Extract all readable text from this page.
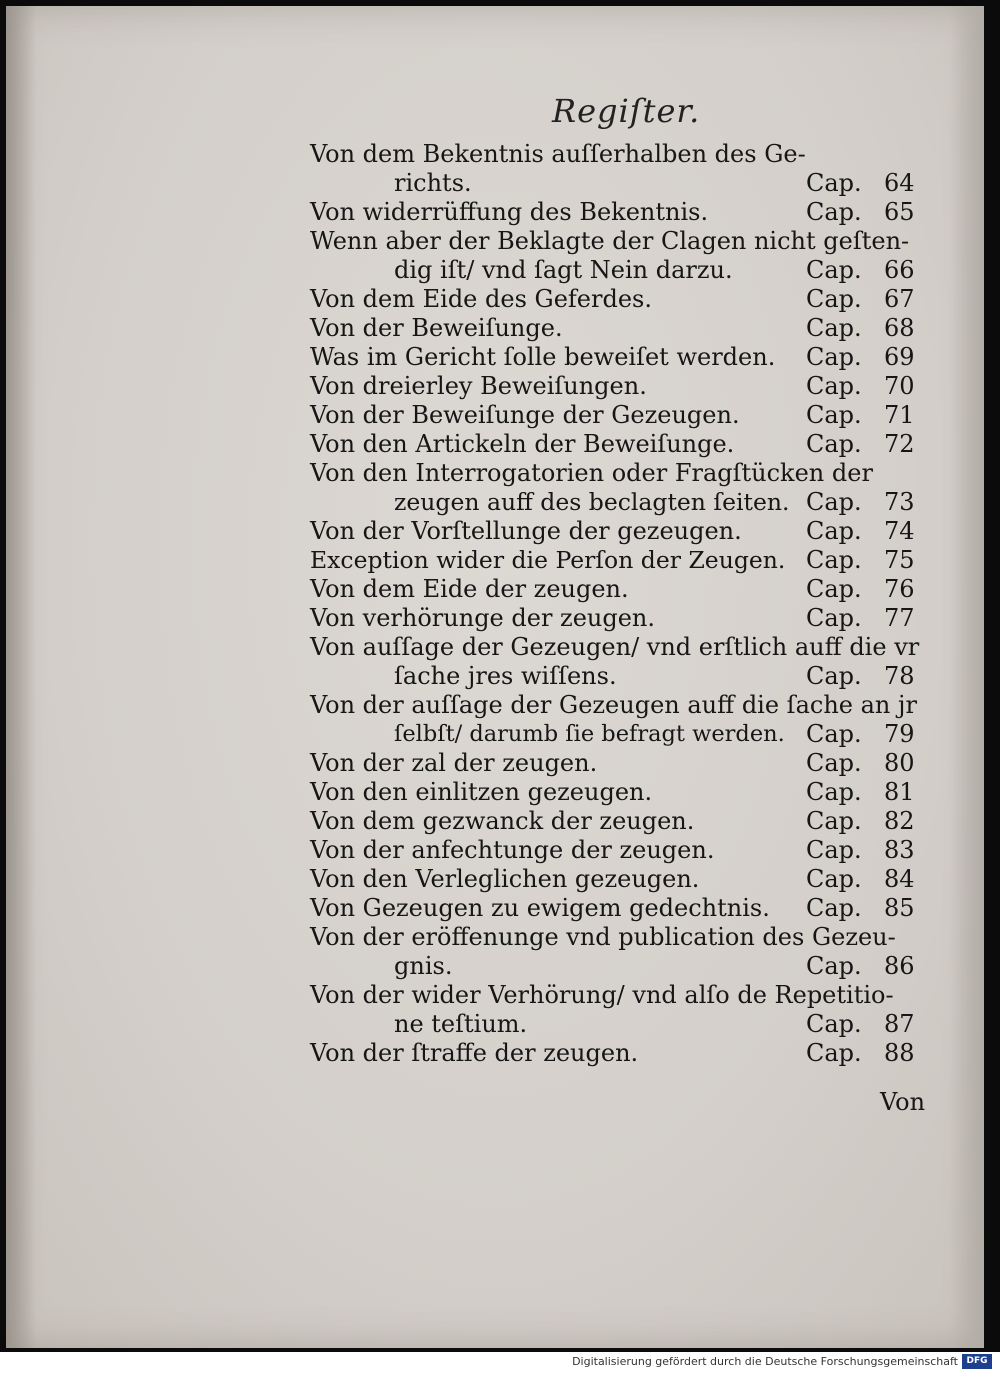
Regiſter.
Von dem Bekentnis auſſerhalben des Ge-
richts.	Cap. 64
Von widerrüffung des Bekentnis.	Cap. 65
Wenn aber der Beklagte der Clagen nicht geſten-
dig iſt/ vnd ſagt Nein darzu.	Cap. 66
Von dem Eide des Geferdes.	Cap. 67
Von der Beweiſunge.	Cap. 68
Was im Gericht ſolle beweiſet werden. Cap. 69
Von dreierley Beweiſungen.	Cap. 70
Von der Beweiſunge der Gezeugen.	Cap. 71
Von den Artickeln der Beweiſunge.	Cap. 72
Von den Interrogatorien oder Fragſtücken der
zeugen auff des beclagten ſeiten. Cap. 73
Von der Vorſtellunge der gezeugen.	Cap. 74
Exception wider die Perſon der Zeugen. Cap. 75
Von dem Eide der zeugen.	Cap. 76
Von verhörunge der zeugen.	Cap. 77
Von auſſage der Gezeugen/ vnd erſtlich auff die vr
ſache jres wiſſens.	Cap. 78
Von der auſſage der Gezeugen auff die ſache an jr
ſelbſt/ darumb ſie befragt werden. Cap. 79
Von der zal der zeugen.	Cap. 80
Von den einlitzen gezeugen.	Cap. 81
Von dem gezwanck der zeugen.	Cap. 82
Von der anfechtunge der zeugen.	Cap. 83
Von den Verleglichen gezeugen.	Cap. 84
Von Gezeugen zu ewigem gedechtnis. Cap. 85
Von der eröffenunge vnd publication des Gezeu-
gnis.	Cap. 86
Von der wider Verhörung/ vnd alſo de Repetitio-
ne teſtium.	Cap. 87
Von der ſtraffe der zeugen.	Cap. 88
Von
Digitalisierung gefördert durch die Deutsche Forschungsgemeinschaft DFG
